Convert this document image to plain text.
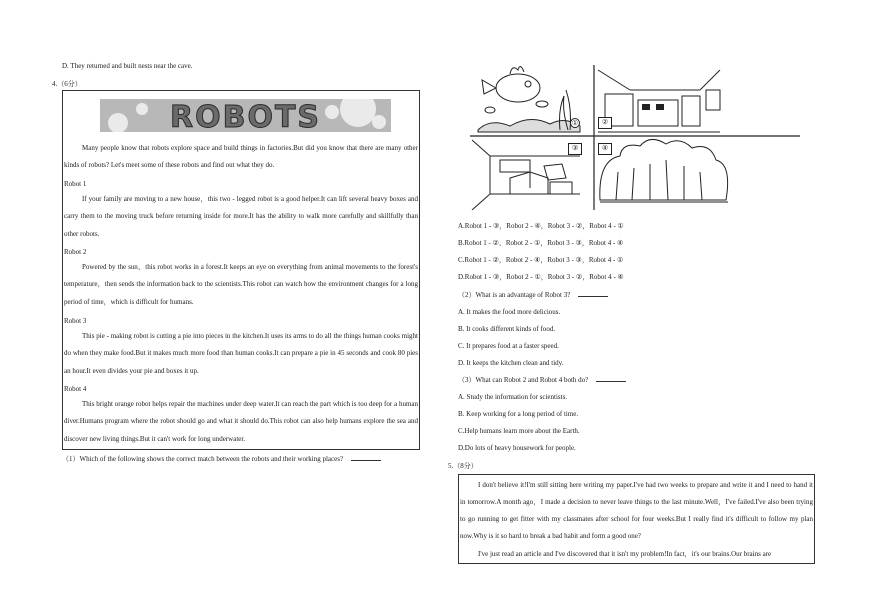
D. They returned and built nests near the cave.
4.（6分）
ROBOTS
Many people know that robots explore space and build things in factories.But did you know that there are many other kinds of robots? Let's meet some of these robots and find out what they do.
Robot 1
If your family are moving to a new house，this two - legged robot is a good helper.It can lift several heavy boxes and carry them to the moving truck before returning inside for more.It has the ability to walk more carefully and skillfully than other robots.
Robot 2
Powered by the sun，this robot works in a forest.It keeps an eye on everything from animal movements to the forest's temperature，then sends the information back to the scientists.This robot can watch how the environment changes for a long period of time，which is difficult for humans.
Robot 3
This pie - making robot is cutting a pie into pieces in the kitchen.It uses its arms to do all the things human cooks might do when they make food.But it makes much more food than human cooks.It can prepare a pie in 45 seconds and cook 80 pies an hour.It even divides your pie and boxes it up.
Robot 4
This bright orange robot helps repair the machines under deep water.It can reach the part which is too deep for a human diver.Humans program where the robot should go and what it should do.This robot can also help humans explore the sea and discover new living things.But it can't work for long underwater.
（1）Which of the following shows the correct match between the robots and their working places?
①	②
③	④
A.Robot 1 - ③，Robot 2 - ④，Robot 3 - ②，Robot 4 - ①
B.Robot 1 - ②，Robot 2 - ①，Robot 3 - ③，Robot 4 - ④
C.Robot 1 - ②，Robot 2 - ④，Robot 3 - ③，Robot 4 - ①
D.Robot 1 - ③，Robot 2 - ①，Robot 3 - ②，Robot 4 - ④
（2）What is an advantage of Robot 3?
A. It makes the food more delicious.
B. It cooks different kinds of food.
C. It prepares food at a faster speed.
D. It keeps the kitchen clean and tidy.
（3）What can Robot 2 and Robot 4 both do?
A. Study the information for scientists.
B. Keep working for a long period of time.
C.Help humans learn more about the Earth.
D.Do lots of heavy housework for people.
5.（8分）
I don't believe it!I'm still sitting here writing my paper.I've had two weeks to prepare and write it and I need to hand it in tomorrow.A month ago，I made a decision to never leave things to the last minute.Well，I've failed.I've also been trying to go running to get fitter with my classmates after school for four weeks.But I really find it's difficult to follow my plan now.Why is it so hard to break a bad habit and form a good one?
I've just read an article and I've discovered that it isn't my problem!In fact，it's our brains.Our brains are
